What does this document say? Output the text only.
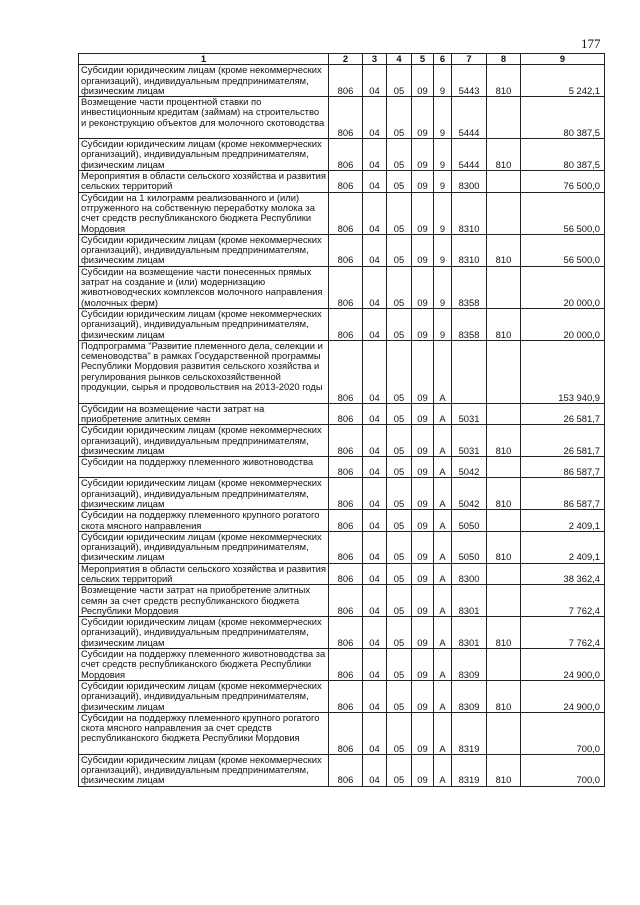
177
1	2	3	4	5	6	7	8	9
Субсидии юридическим лицам (кроме некоммерческих организаций), индивидуальным предпринимателям, физическим лицам	806	04	05	09	9	5443	810	5 242,1
Возмещение части процентной ставки по инвестиционным кредитам (займам) на строительство и реконструкцию объектов для молочного скотоводства	806	04	05	09	9	5444		80 387,5
Субсидии юридическим лицам (кроме некоммерческих организаций), индивидуальным предпринимателям, физическим лицам	806	04	05	09	9	5444	810	80 387,5
Мероприятия в области сельского хозяйства и развития сельских территорий	806	04	05	09	9	8300		76 500,0
Субсидии на 1 килограмм реализованного и (или) отгруженного на собственную переработку молока за счет средств республиканского бюджета Республики Мордовия	806	04	05	09	9	8310		56 500,0
Субсидии юридическим лицам (кроме некоммерческих организаций), индивидуальным предпринимателям, физическим лицам	806	04	05	09	9	8310	810	56 500,0
Субсидии на возмещение части понесенных прямых затрат на создание и (или) модернизацию животноводческих комплексов молочного направления (молочных ферм)	806	04	05	09	9	8358		20 000,0
Субсидии юридическим лицам (кроме некоммерческих организаций), индивидуальным предпринимателям, физическим лицам	806	04	05	09	9	8358	810	20 000,0
Подпрограмма "Развитие племенного дела, селекции и семеноводства" в рамках Государственной программы Республики Мордовия развития сельского хозяйства и регулирования рынков сельскохозяйственной продукции, сырья и продовольствия на 2013-2020 годы	806	04	05	09	А			153 940,9
Субсидии на возмещение части затрат на приобретение элитных семян	806	04	05	09	А	5031		26 581,7
Субсидии юридическим лицам (кроме некоммерческих организаций), индивидуальным предпринимателям, физическим лицам	806	04	05	09	А	5031	810	26 581,7
Субсидии на поддержку племенного животноводства	806	04	05	09	А	5042		86 587,7
Субсидии юридическим лицам (кроме некоммерческих организаций), индивидуальным предпринимателям, физическим лицам	806	04	05	09	А	5042	810	86 587,7
Субсидии на поддержку племенного крупного рогатого скота мясного направления	806	04	05	09	А	5050		2 409,1
Субсидии юридическим лицам (кроме некоммерческих организаций), индивидуальным предпринимателям, физическим лицам	806	04	05	09	А	5050	810	2 409,1
Мероприятия в области сельского хозяйства и развития сельских территорий	806	04	05	09	А	8300		38 362,4
Возмещение части затрат на приобретение элитных семян за счет средств республиканского бюджета Республики Мордовия	806	04	05	09	А	8301		7 762,4
Субсидии юридическим лицам (кроме некоммерческих организаций), индивидуальным предпринимателям, физическим лицам	806	04	05	09	А	8301	810	7 762,4
Субсидии на поддержку племенного животноводства за счет средств республиканского бюджета Республики Мордовия	806	04	05	09	А	8309		24 900,0
Субсидии юридическим лицам (кроме некоммерческих организаций), индивидуальным предпринимателям, физическим лицам	806	04	05	09	А	8309	810	24 900,0
Субсидии на поддержку племенного крупного рогатого скота мясного направления за счет средств республиканского бюджета Республики Мордовия	806	04	05	09	А	8319		700,0
Субсидии юридическим лицам (кроме некоммерческих организаций), индивидуальным предпринимателям, физическим лицам	806	04	05	09	А	8319	810	700,0
